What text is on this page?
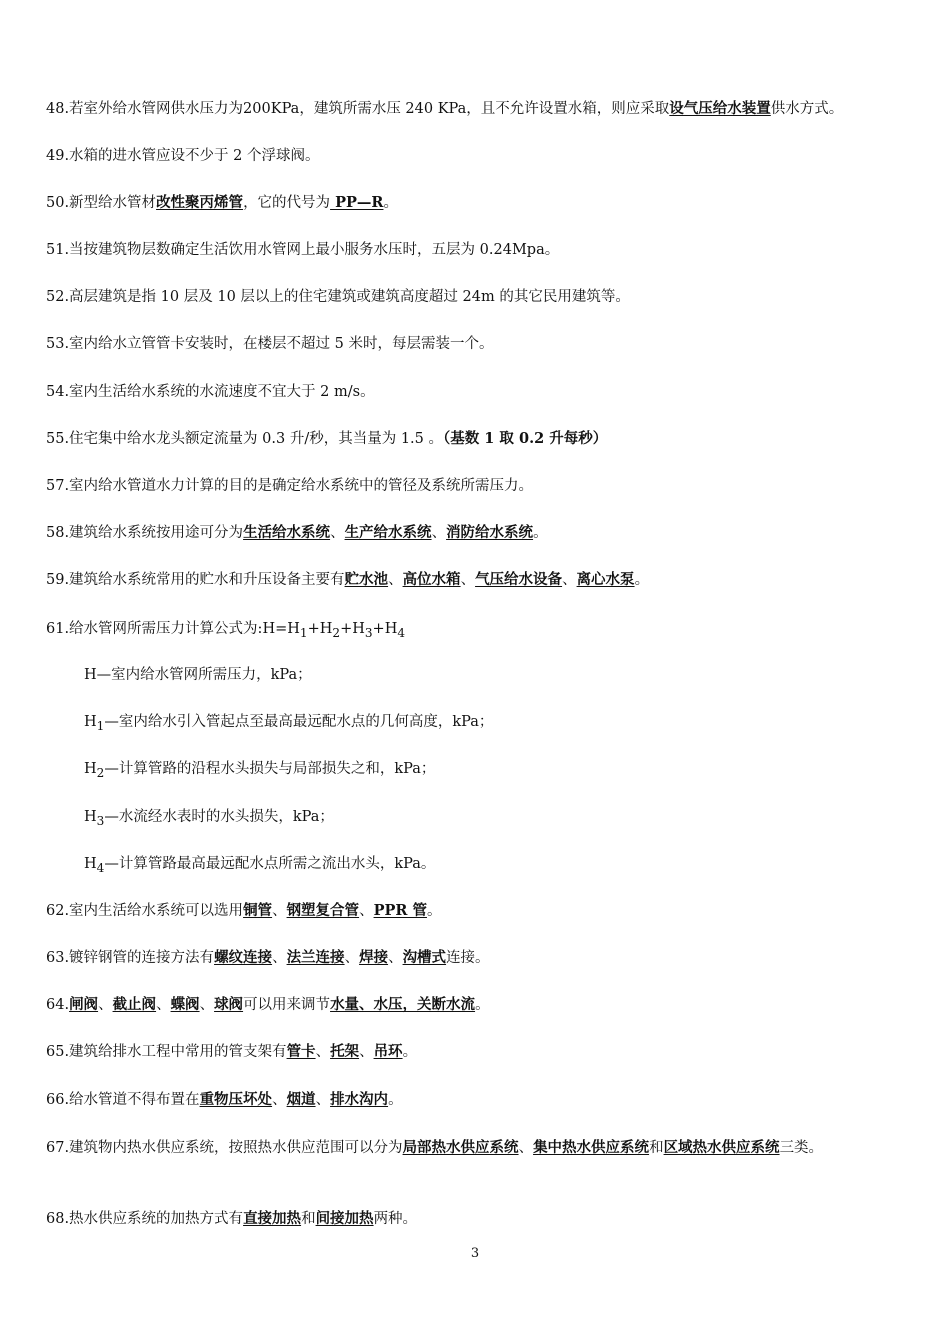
48.若室外给水管网供水压力为200KPa，建筑所需水压 240 KPa，且不允许设置水箱，则应采取设气压给水装置供水方式。
49.水箱的进水管应设不少于 2 个浮球阀。
50.新型给水管材改性聚丙烯管，它的代号为 PP—R。
51.当按建筑物层数确定生活饮用水管网上最小服务水压时，五层为 0.24Mpa。
52.高层建筑是指 10 层及 10 层以上的住宅建筑或建筑高度超过 24m 的其它民用建筑等。
53.室内给水立管管卡安装时，在楼层不超过 5 米时，每层需装一个。
54.室内生活给水系统的水流速度不宜大于 2 m/s。
55.住宅集中给水龙头额定流量为 0.3 升/秒，其当量为 1.5 。（基数 1 取 0.2 升每秒）
57.室内给水管道水力计算的目的是确定给水系统中的管径及系统所需压力。
58.建筑给水系统按用途可分为生活给水系统、生产给水系统、消防给水系统。
59.建筑给水系统常用的贮水和升压设备主要有贮水池、高位水箱、气压给水设备、离心水泵。
61.给水管网所需压力计算公式为$:H=H_1+H_2+H_3+H_4$
H—室内给水管网所需压力，kPa；
$H_1—$室内给水引入管起点至最高最远配水点的几何高度，kPa；
$H_2—$计算管路的沿程水头损失与局部损失之和，kPa；
$H_3—$水流经水表时的水头损失，kPa；
$H_4—$计算管路最高最远配水点所需之流出水头，kPa。
62.室内生活给水系统可以选用铜管、钢塑复合管、PPR 管。
63.镀锌钢管的连接方法有螺纹连接、法兰连接、焊接、沟槽式连接。
64.闸阀、截止阀、蝶阀、球阀可以用来调节水量、水压，关断水流。
65.建筑给排水工程中常用的管支架有管卡、托架、吊环。
66.给水管道不得布置在重物压坏处、烟道、排水沟内。
67.建筑物内热水供应系统，按照热水供应范围可以分为局部热水供应系统、集中热水供应系统和区域热水供应系统三类。
68.热水供应系统的加热方式有直接加热和间接加热两种。
3
